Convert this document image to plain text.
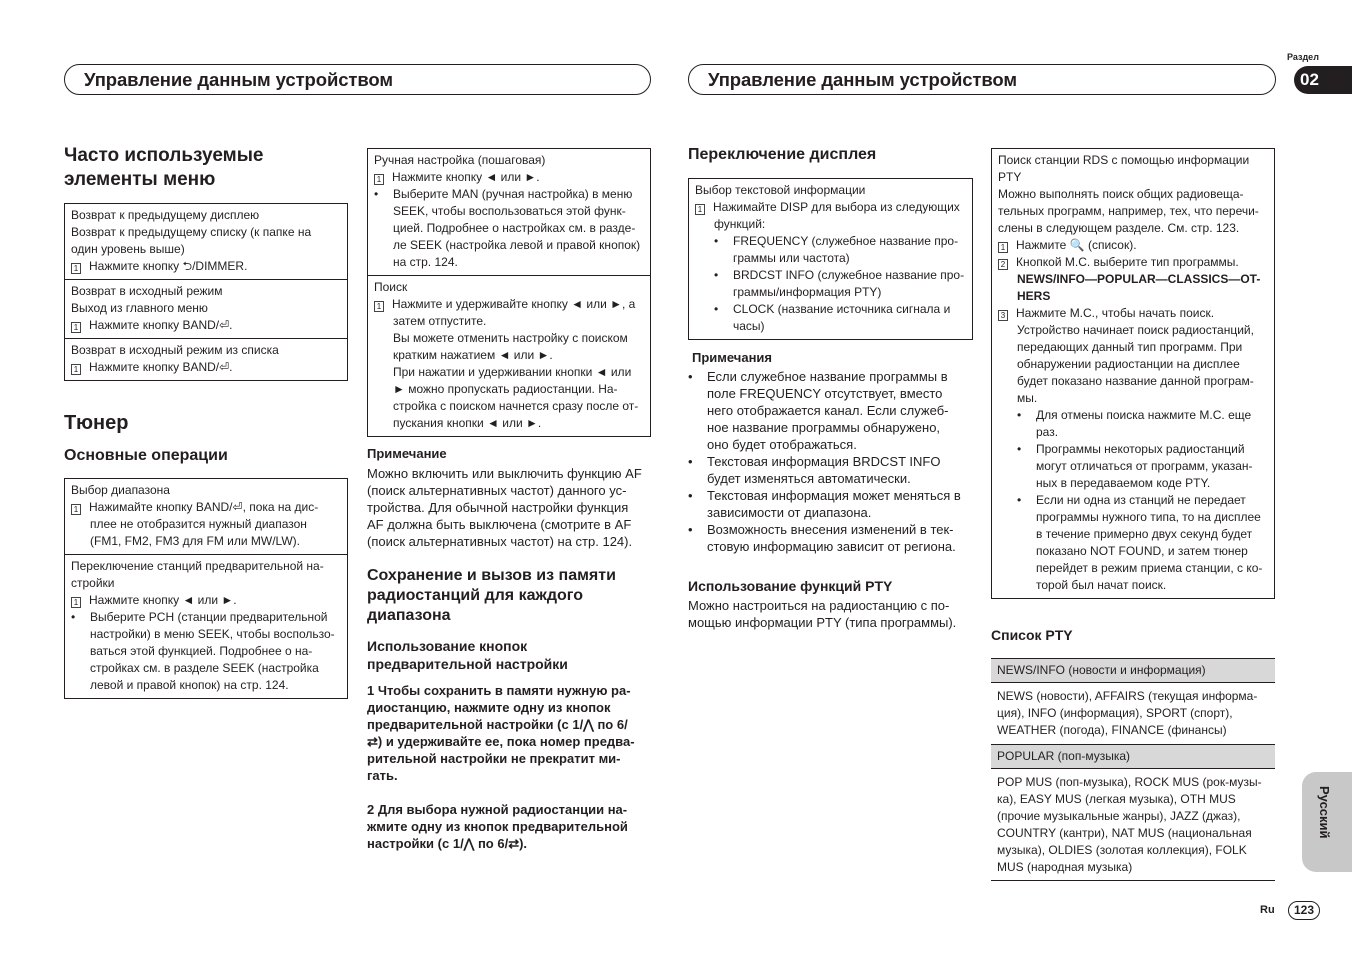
Управление данным устройством	Управление данным устройством
Раздел
02
Русский
Ru	123
Часто используемые
элементы меню
Возврат к предыдущему дисплею
Возврат к предыдущему списку (к папке на
один уровень выше)
1 Нажмите кнопку ⮌/DIMMER.
Возврат в исходный режим
Выход из главного меню
1 Нажмите кнопку BAND/⏎.
Возврат в исходный режим из списка
1 Нажмите кнопку BAND/⏎.
Тюнер
Основные операции
Выбор диапазона
1 Нажимайте кнопку BAND/⏎, пока на дис-
плее не отобразится нужный диапазон
(FM1, FM2, FM3 для FM или MW/LW).
Переключение станций предварительной на-
стройки
1 Нажмите кнопку ◄ или ►.
• Выберите PCH (станции предварительной
настройки) в меню SEEK, чтобы воспользо-
ваться этой функцией. Подробнее о на-
стройках см. в разделе SEEK (настройка
левой и правой кнопок) на стр. 124.
Ручная настройка (пошаговая)
1 Нажмите кнопку ◄ или ►.
• Выберите MAN (ручная настройка) в меню
SEEK, чтобы воспользоваться этой функ-
цией. Подробнее о настройках см. в разде-
ле SEEK (настройка левой и правой кнопок)
на стр. 124.
Поиск
1 Нажмите и удерживайте кнопку ◄ или ►, а
затем отпустите.
Вы можете отменить настройку с поиском
кратким нажатием ◄ или ►.
При нажатии и удерживании кнопки ◄ или
► можно пропускать радиостанции. На-
стройка с поиском начнется сразу после от-
пускания кнопки ◄ или ►.
Примечание
Можно включить или выключить функцию AF
(поиск альтернативных частот) данного ус-
тройства. Для обычной настройки функция
AF должна быть выключена (смотрите в AF
(поиск альтернативных частот) на стр. 124).
Сохранение и вызов из памяти
радиостанций для каждого
диапазона
Использование кнопок
предварительной настройки
1 Чтобы сохранить в памяти нужную ра-
диостанцию, нажмите одну из кнопок
предварительной настройки (с 1/⋀ по 6/
⇄) и удерживайте ее, пока номер предва-
рительной настройки не прекратит ми-
гать.
2 Для выбора нужной радиостанции на-
жмите одну из кнопок предварительной
настройки (с 1/⋀ по 6/⇄).
Переключение дисплея
Выбор текстовой информации
1 Нажимайте DISP для выбора из следующих
функций:
• FREQUENCY (служебное название про-
граммы или частота)
• BRDCST INFO (служебное название про-
граммы/информация PTY)
• CLOCK (название источника сигнала и
часы)
Примечания
• Если служебное название программы в
поле FREQUENCY отсутствует, вместо
него отображается канал. Если служеб-
ное название программы обнаружено,
оно будет отображаться.
• Текстовая информация BRDCST INFO
будет изменяться автоматически.
• Текстовая информация может меняться в
зависимости от диапазона.
• Возможность внесения изменений в тек-
стовую информацию зависит от региона.
Использование функций PTY
Можно настроиться на радиостанцию с по-
мощью информации PTY (типа программы).
Поиск станции RDS с помощью информации
PTY
Можно выполнять поиск общих радиовеща-
тельных программ, например, тех, что перечи-
слены в следующем разделе. См. стр. 123.
1 Нажмите 🔍 (список).
2 Кнопкой M.C. выберите тип программы.
NEWS/INFO—POPULAR—CLASSICS—OT-
HERS
3 Нажмите M.C., чтобы начать поиск.
Устройство начинает поиск радиостанций,
передающих данный тип программ. При
обнаружении радиостанции на дисплее
будет показано название данной програм-
мы.
• Для отмены поиска нажмите M.C. еще
раз.
• Программы некоторых радиостанций
могут отличаться от программ, указан-
ных в передаваемом коде PTY.
• Если ни одна из станций не передает
программы нужного типа, то на дисплее
в течение примерно двух секунд будет
показано NOT FOUND, и затем тюнер
перейдет в режим приема станции, с ко-
торой был начат поиск.
Список PTY
NEWS/INFO (новости и информация)
NEWS (новости), AFFAIRS (текущая информа-
ция), INFO (информация), SPORT (спорт),
WEATHER (погода), FINANCE (финансы)
POPULAR (поп-музыка)
POP MUS (поп-музыка), ROCK MUS (рок-музы-
ка), EASY MUS (легкая музыка), OTH MUS
(прочие музыкальные жанры), JAZZ (джаз),
COUNTRY (кантри), NAT MUS (национальная
музыка), OLDIES (золотая коллекция), FOLK
MUS (народная музыка)
